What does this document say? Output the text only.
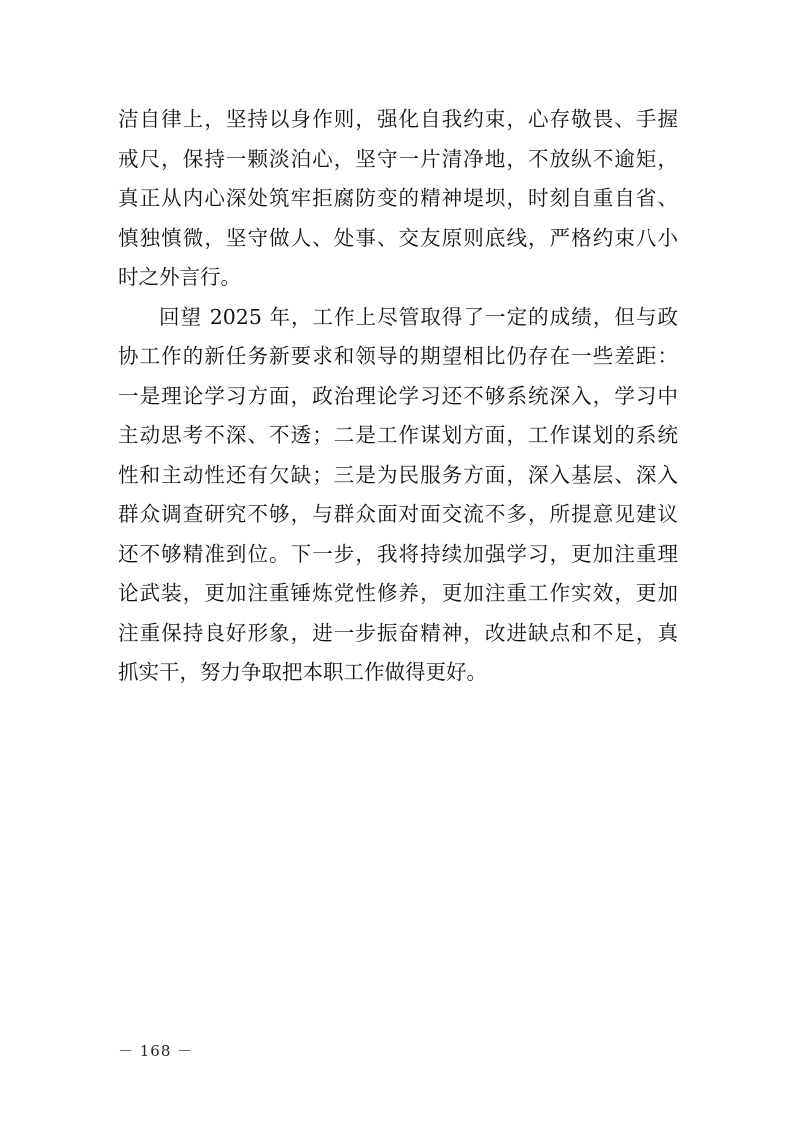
洁自律上，坚持以身作则，强化自我约束，心存敬畏、手握
戒尺，保持一颗淡泊心，坚守一片清净地，不放纵不逾矩，
真正从内心深处筑牢拒腐防变的精神堤坝，时刻自重自省、
慎独慎微，坚守做人、处事、交友原则底线，严格约束八小
时之外言行。
回望 2025 年，工作上尽管取得了一定的成绩，但与政
协工作的新任务新要求和领导的期望相比仍存在一些差距：
一是理论学习方面，政治理论学习还不够系统深入，学习中
主动思考不深、不透；二是工作谋划方面，工作谋划的系统
性和主动性还有欠缺；三是为民服务方面，深入基层、深入
群众调查研究不够，与群众面对面交流不多，所提意见建议
还不够精准到位。下一步，我将持续加强学习，更加注重理
论武装，更加注重锤炼党性修养，更加注重工作实效，更加
注重保持良好形象，进一步振奋精神，改进缺点和不足，真
抓实干，努力争取把本职工作做得更好。
－ 168 －
